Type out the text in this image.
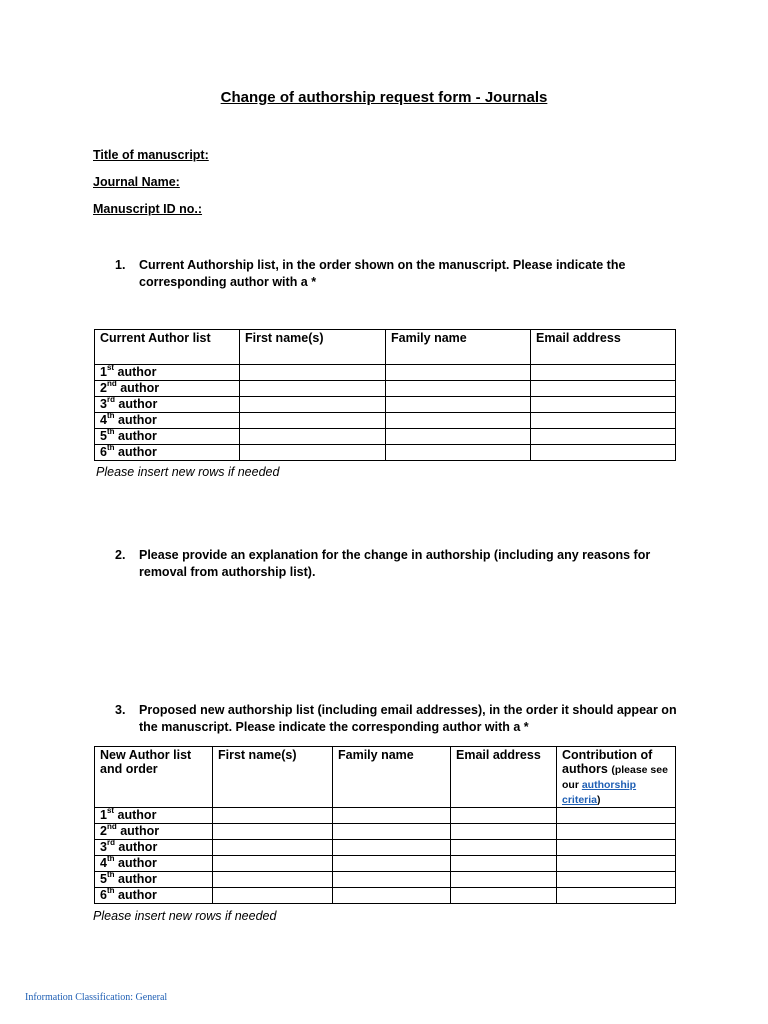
Change of authorship request form - Journals
Title of manuscript:
Journal Name:
Manuscript ID no.:
1. Current Authorship list, in the order shown on the manuscript. Please indicate the corresponding author with a *
Current Author list	First name(s)	Family name	Email address
1st author			
2nd author			
3rd author			
4th author			
5th author			
6th author			
Please insert new rows if needed
2. Please provide an explanation for the change in authorship (including any reasons for removal from authorship list).
3. Proposed new authorship list (including email addresses), in the order it should appear on the manuscript. Please indicate the corresponding author with a *
New Author list and order	First name(s)	Family name	Email address	Contribution of authors (please see our authorship criteria)
1st author				
2nd author				
3rd author				
4th author				
5th author				
6th author				
Please insert new rows if needed
Information Classification: General
